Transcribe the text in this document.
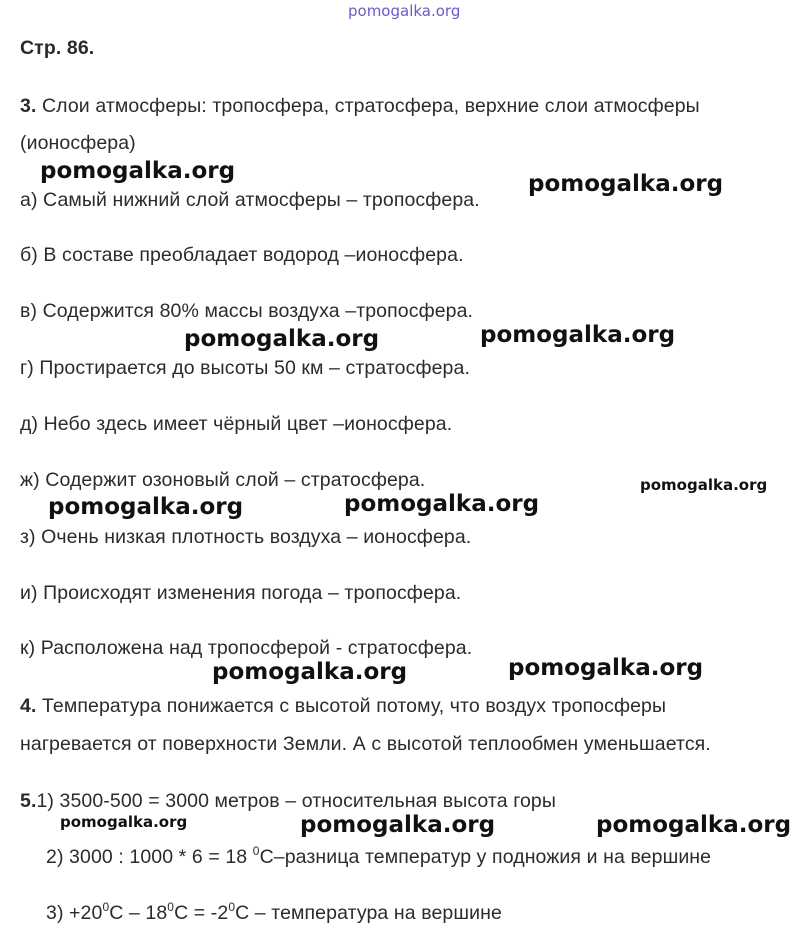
pomogalka.org
Стр. 86.
3. Слои атмосферы: тропосфера, стратосфера, верхние слои атмосферы
(ионосфера)
а) Самый нижний слой атмосферы – тропосфера.
б) В составе преобладает водород –ионосфера.
в) Содержится 80% массы воздуха –тропосфера.
г) Простирается до высоты 50 км – стратосфера.
д) Небо здесь имеет чёрный цвет –ионосфера.
ж) Содержит озоновый слой – стратосфера.
з) Очень низкая плотность воздуха – ионосфера.
и) Происходят изменения погода – тропосфера.
к) Расположена над тропосферой - стратосфера.
4. Температура понижается с высотой потому, что воздух тропосферы
нагревается от поверхности Земли. А с высотой теплообмен уменьшается.
5.1) 3500-500 = 3000 метров – относительная высота горы
2) 3000 : 1000 * 6 = 18 $^0$С–разница температур у подножия и на вершине
$3) +20^0С - 18^0С = -2^0С$ – температура на вершине
pomogalka.org	pomogalka.org
pomogalka.org	pomogalka.org
pomogalka.org
pomogalka.org	pomogalka.org
pomogalka.org	pomogalka.org
pomogalka.org	pomogalka.org	pomogalka.org
